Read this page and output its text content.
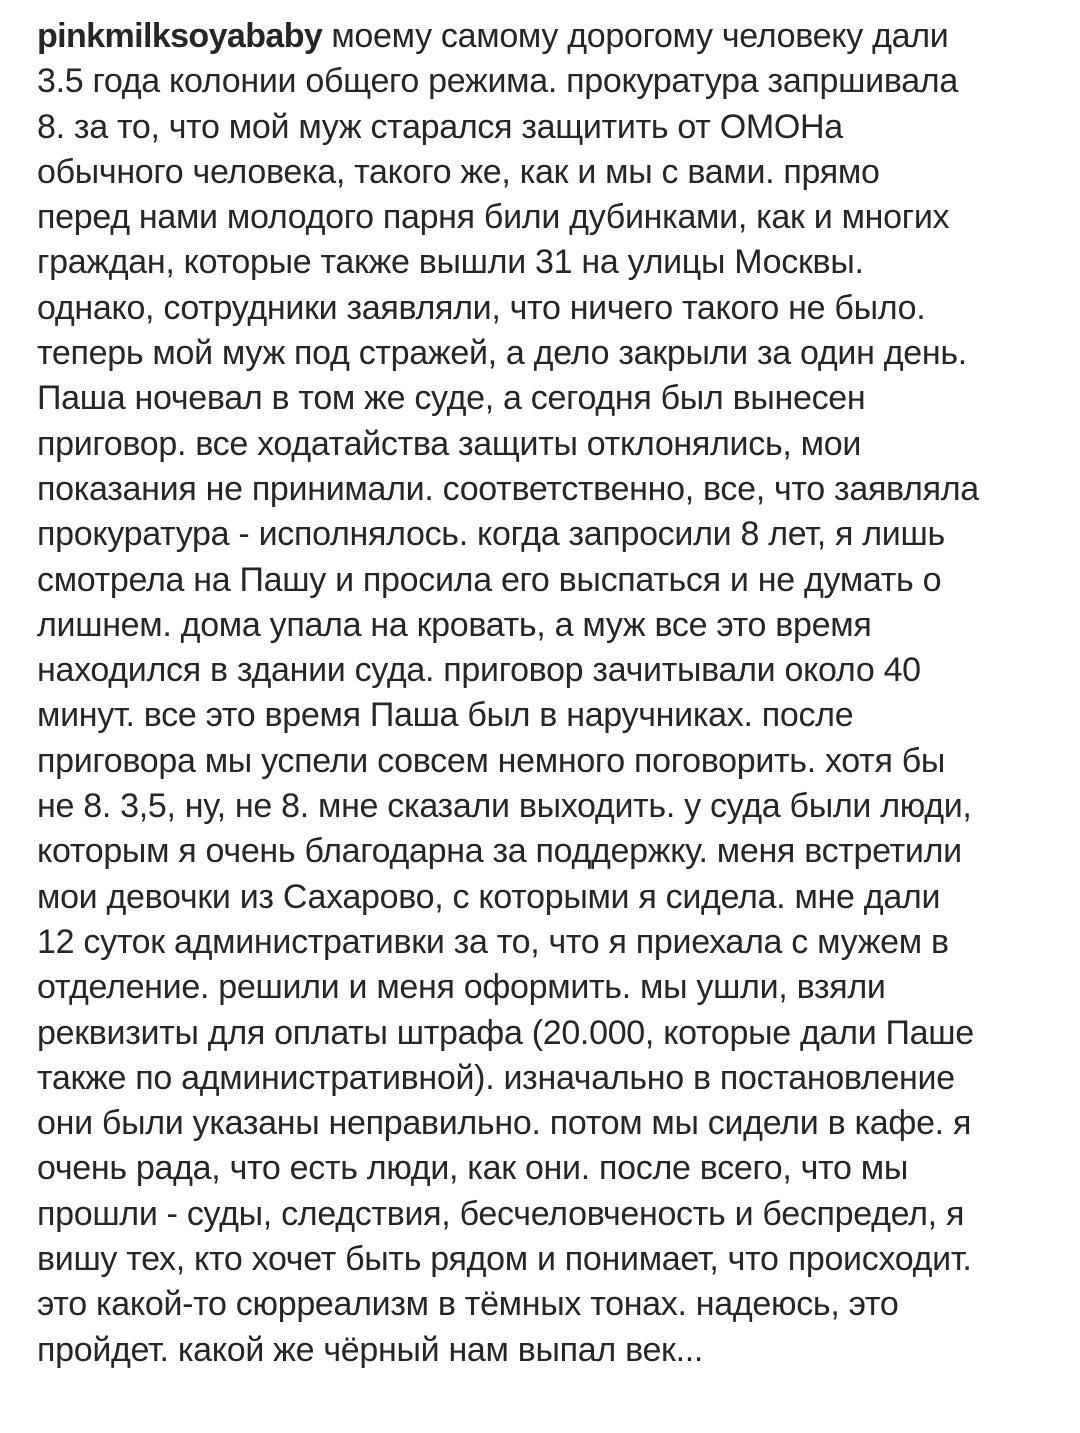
pinkmilksoyababy моему самому дорогому человеку дали
3.5 года колонии общего режима. прокуратура запршивала
8. за то, что мой муж старался защитить от ОМОНа
обычного человека, такого же, как и мы с вами. прямо
перед нами молодого парня били дубинками, как и многих
граждан, которые также вышли 31 на улицы Москвы.
однако, сотрудники заявляли, что ничего такого не было.
теперь мой муж под стражей, а дело закрыли за один день.
Паша ночевал в том же суде, а сегодня был вынесен
приговор. все ходатайства защиты отклонялись, мои
показания не принимали. соответственно, все, что заявляла
прокуратура - исполнялось. когда запросили 8 лет, я лишь
смотрела на Пашу и просила его выспаться и не думать о
лишнем. дома упала на кровать, а муж все это время
находился в здании суда. приговор зачитывали около 40
минут. все это время Паша был в наручниках. после
приговора мы успели совсем немного поговорить. хотя бы
не 8. 3,5, ну, не 8. мне сказали выходить. у суда были люди,
которым я очень благодарна за поддержку. меня встретили
мои девочки из Сахарово, с которыми я сидела. мне дали
12 суток административки за то, что я приехала с мужем в
отделение. решили и меня оформить. мы ушли, взяли
реквизиты для оплаты штрафа (20.000, которые дали Паше
также по административной). изначально в постановление
они были указаны неправильно. потом мы сидели в кафе. я
очень рада, что есть люди, как они. после всего, что мы
прошли - суды, следствия, бесчеловченость и беспредел, я
вишу тех, кто хочет быть рядом и понимает, что происходит.
это какой-то сюрреализм в тёмных тонах. надеюсь, это
пройдет. какой же чёрный нам выпал век...
